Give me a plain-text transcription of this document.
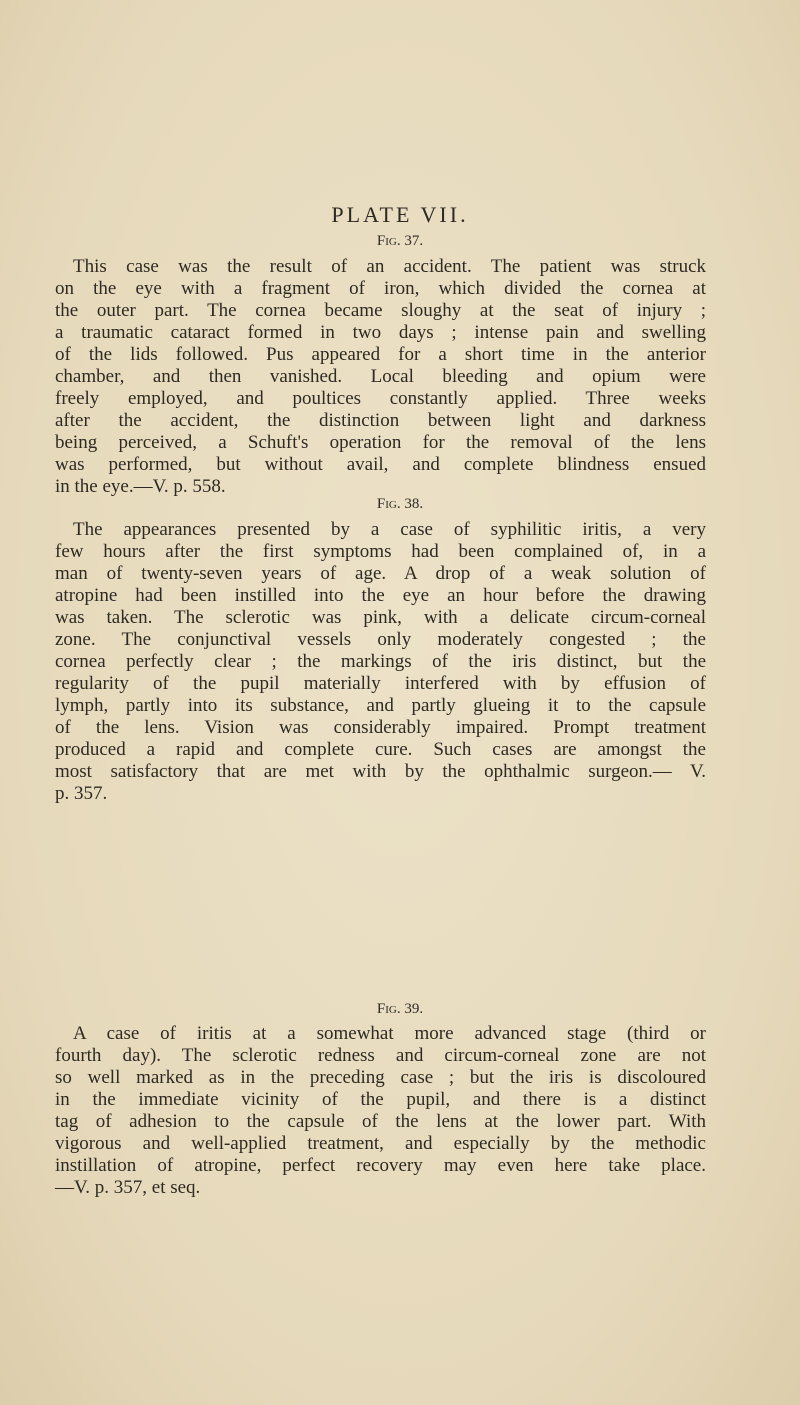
PLATE VII.
Fig. 37.
This case was the result of an accident. The patient was struck
on the eye with a fragment of iron, which divided the cornea at
the outer part. The cornea became sloughy at the seat of injury ;
a traumatic cataract formed in two days ; intense pain and swelling
of the lids followed. Pus appeared for a short time in the anterior
chamber, and then vanished. Local bleeding and opium were
freely employed, and poultices constantly applied. Three weeks
after the accident, the distinction between light and darkness
being perceived, a Schuft's operation for the removal of the lens
was performed, but without avail, and complete blindness ensued
in the eye.—V. p. 558.
Fig. 38.
The appearances presented by a case of syphilitic iritis, a very
few hours after the first symptoms had been complained of, in a
man of twenty-seven years of age. A drop of a weak solution of
atropine had been instilled into the eye an hour before the drawing
was taken. The sclerotic was pink, with a delicate circum-corneal
zone. The conjunctival vessels only moderately congested ; the
cornea perfectly clear ; the markings of the iris distinct, but the
regularity of the pupil materially interfered with by effusion of
lymph, partly into its substance, and partly glueing it to the capsule
of the lens. Vision was considerably impaired. Prompt treatment
produced a rapid and complete cure. Such cases are amongst the
most satisfactory that are met with by the ophthalmic surgeon.— V.
p. 357.
Fig. 39.
A case of iritis at a somewhat more advanced stage (third or
fourth day). The sclerotic redness and circum-corneal zone are not
so well marked as in the preceding case ; but the iris is discoloured
in the immediate vicinity of the pupil, and there is a distinct
tag of adhesion to the capsule of the lens at the lower part. With
vigorous and well-applied treatment, and especially by the methodic
instillation of atropine, perfect recovery may even here take place.
—V. p. 357, et seq.
